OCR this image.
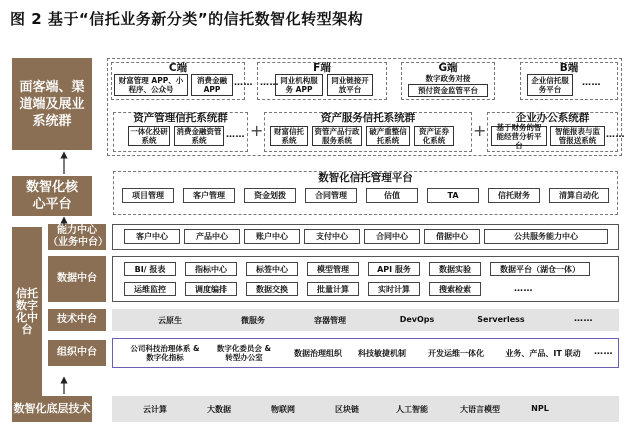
图 2 基于“信托业务新分类”的信托数智化转型架构
面客端、渠道端及展业系统群
数智化核心平台
信托数字化中台
数智化底层技术
能力中心（业务中台）
数据中台
技术中台
组织中台
C端
财富管理 APP、小程序、公众号
消费金融 APP
……
F端
同业机构服务 APP
同业链接开放平台
……
G端
数字政务对接
预付资金监管平台
B端
企业信托服务平台
……
资产管理信托系统群
一体化投研系统
消费金融资管系统
…… +
资产服务信托系统群
财富信托系统
资管产品行政服务系统
破产重整信托系统
资产证券化系统
+
企业办公系统群
基于财务的智能经营分析平台
智能报表与监管报送系统
……
数智化信托管理平台
项目管理	客户管理	资金划拨	合同管理	估值	TA	信托财务	清算自动化
客户中心	产品中心	账户中心	支付中心	合同中心	借据中心	公共服务能力中心
BI/ 报表	指标中心	标签中心	模型管理	API 服务	数据实验	数据平台（湖仓一体）
运维监控	调度编排	数据交换	批量计算	实时计算	搜索检索	……
云原生	微服务	容器管理	DevOps	Serverless	……
公司科技治理体系 & 数字化指标
数字化委员会 & 转型办公室	数据治理组织	科技敏捷机制	开发运维一体化	业务、产品、IT 联动	……
云计算	大数据	物联网	区块链	人工智能	大语言模型	NPL
